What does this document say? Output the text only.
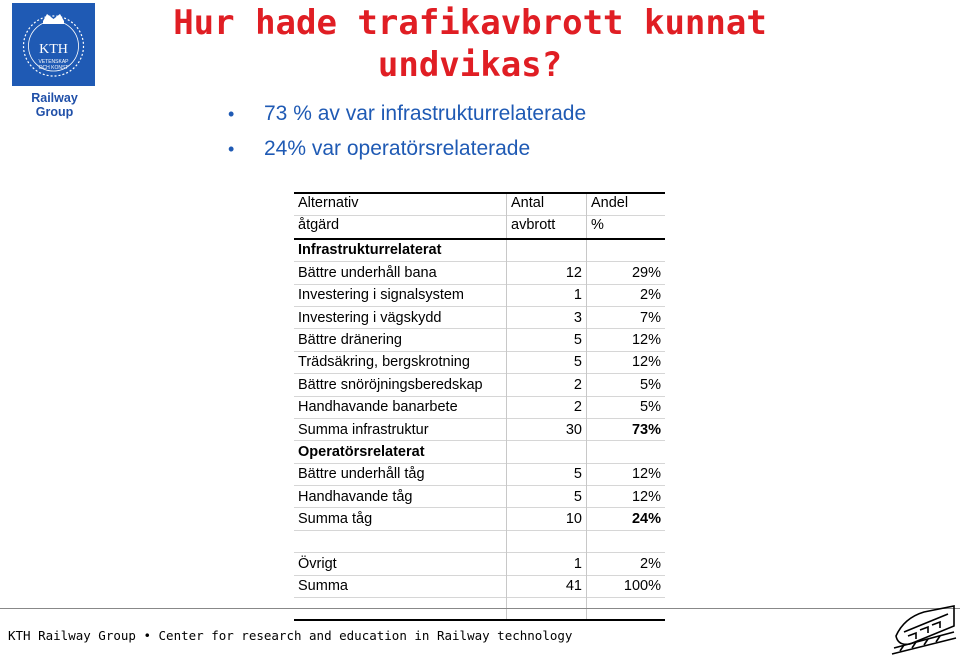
KTH
VETENSKAP
OCH KONST
Railway Group
Hur hade trafikavbrott kunnat
undvikas?
• 73 % av var infrastrukturrelaterade
• 24% var operatörsrelaterade
Alternativ	Antal	Andel
åtgärd	avbrott	%
Infrastrukturrelaterat		
Bättre underhåll bana	12	29%
Investering i signalsystem	1	2%
Investering i vägskydd	3	7%
Bättre dränering	5	12%
Trädsäkring, bergskrotning	5	12%
Bättre snöröjningsberedskap	2	5%
Handhavande banarbete	2	5%
Summa infrastruktur	30	73%
Operatörsrelaterat		
Bättre underhåll tåg	5	12%
Handhavande tåg	5	12%
Summa tåg	10	24%

Övrigt	1	2%
Summa	41	100%

KTH Railway Group • Center for research and education in Railway technology
